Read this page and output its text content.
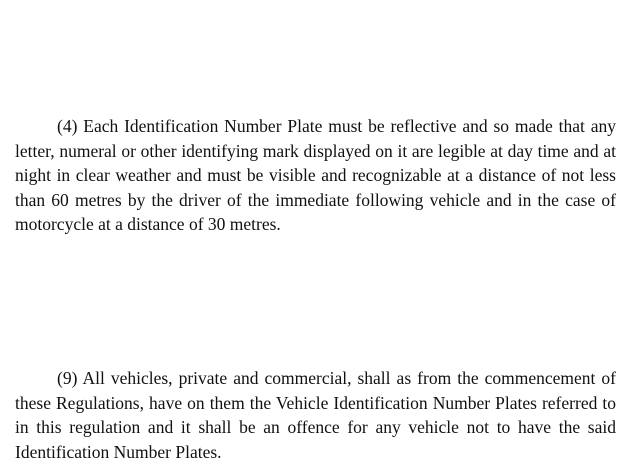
(4) Each Identification Number Plate must be reflective and so made that any letter, numeral or other identifying mark displayed on it are legible at day time and at night in clear weather and must be visible and recognizable at a distance of not less than 60 metres by the driver of the immediate following vehicle and in the case of motorcycle at a distance of 30 metres.

(9) All vehicles, private and commercial, shall as from the commencement of these Regulations, have on them the Vehicle Identification Number Plates referred to in this regulation and it shall be an offence for any vehicle not to have the said Identification Number Plates.
